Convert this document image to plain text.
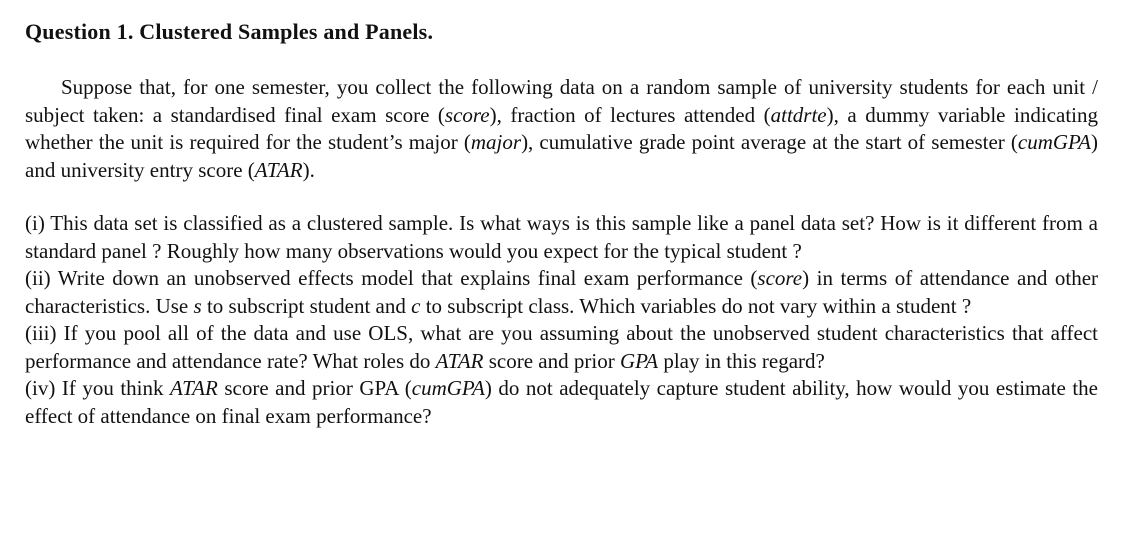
Question 1. Clustered Samples and Panels.
Suppose that, for one semester, you collect the following data on a random sample of university students for each unit / subject taken: a standardised final exam score (score), fraction of lectures attended (attdrte), a dummy variable indicating whether the unit is required for the student’s major (major), cumulative grade point average at the start of semester (cumGPA) and university entry score (ATAR).
(i) This data set is classified as a clustered sample. Is what ways is this sample like a panel data set? How is it different from a standard panel ? Roughly how many observations would you expect for the typical student ?
(ii) Write down an unobserved effects model that explains final exam performance (score) in terms of attendance and other characteristics. Use s to subscript student and c to subscript class. Which variables do not vary within a student ?
(iii) If you pool all of the data and use OLS, what are you assuming about the unobserved student characteristics that affect performance and attendance rate? What roles do ATAR score and prior GPA play in this regard?
(iv) If you think ATAR score and prior GPA (cumGPA) do not adequately capture student ability, how would you estimate the effect of attendance on final exam performance?
